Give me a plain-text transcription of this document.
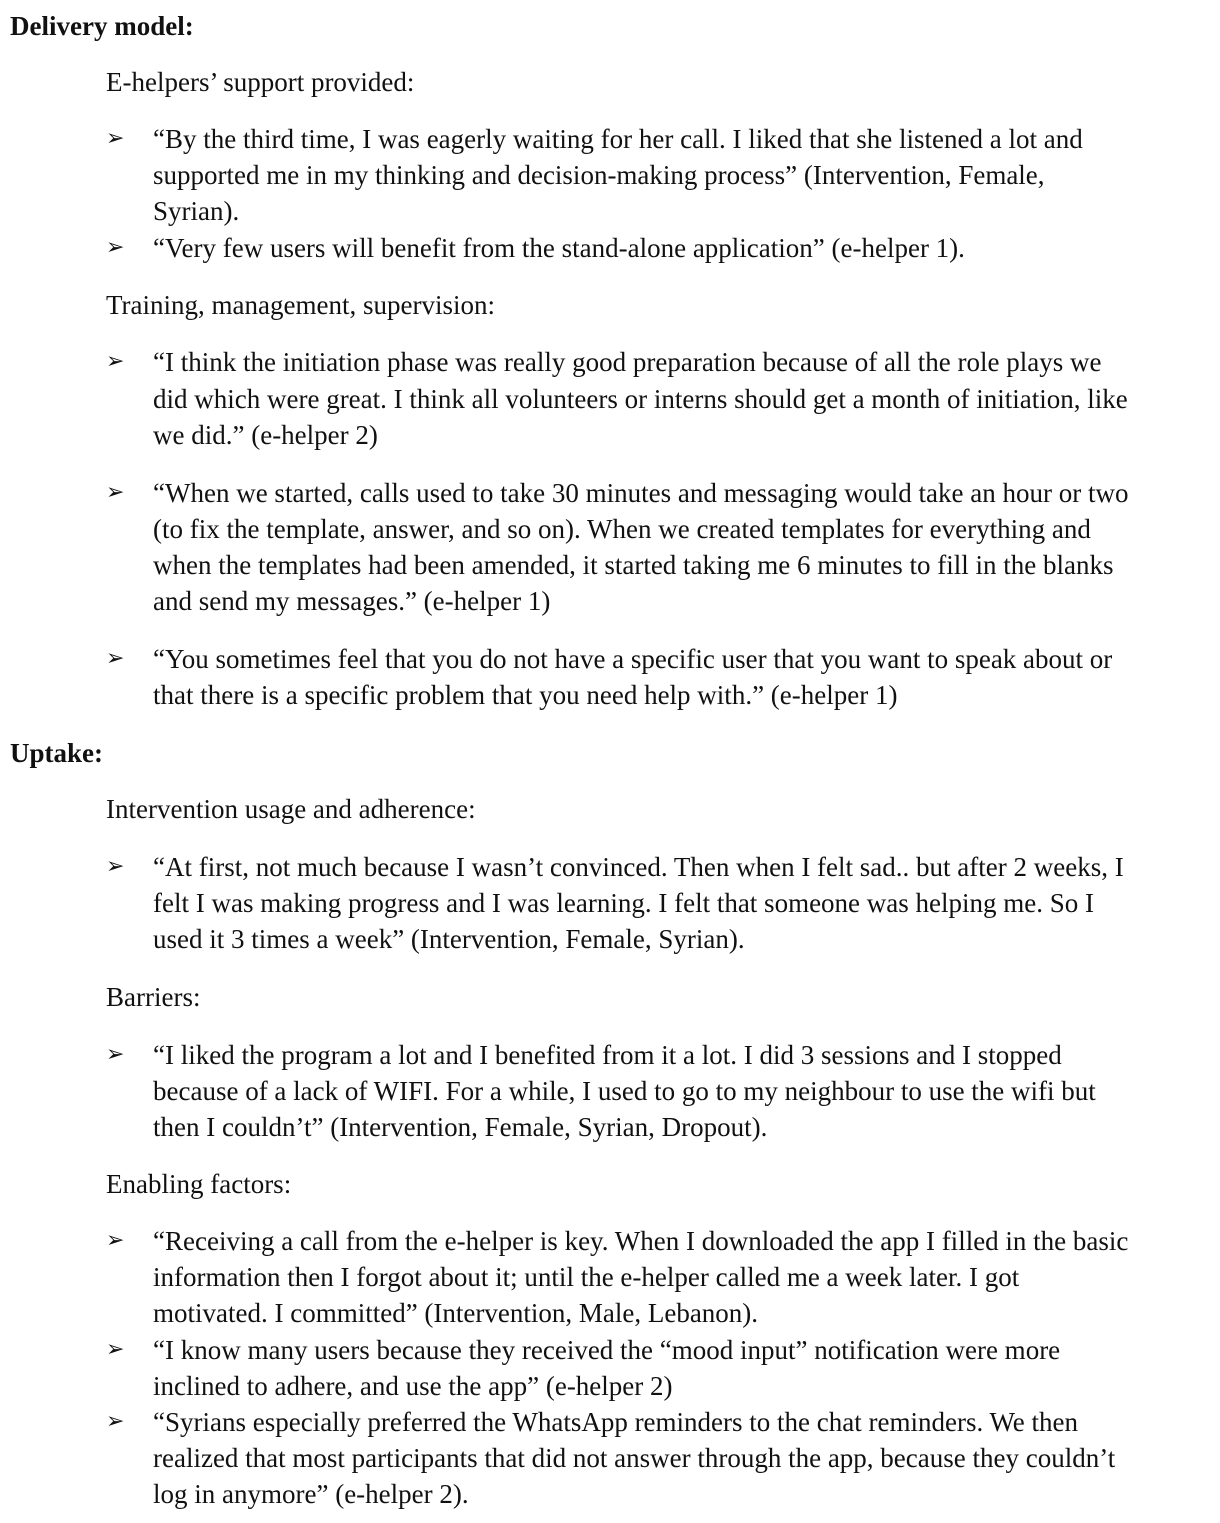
Delivery model:
E-helpers’ support provided:
➢ “By the third time, I was eagerly waiting for her call. I liked that she listened a lot and
supported me in my thinking and decision-making process” (Intervention, Female,
Syrian).
➢ “Very few users will benefit from the stand-alone application” (e-helper 1).
Training, management, supervision:
➢ “I think the initiation phase was really good preparation because of all the role plays we
did which were great. I think all volunteers or interns should get a month of initiation, like
we did.” (e-helper 2)
➢ “When we started, calls used to take 30 minutes and messaging would take an hour or two
(to fix the template, answer, and so on). When we created templates for everything and
when the templates had been amended, it started taking me 6 minutes to fill in the blanks
and send my messages.” (e-helper 1)
➢ “You sometimes feel that you do not have a specific user that you want to speak about or
that there is a specific problem that you need help with.” (e-helper 1)
Uptake:
Intervention usage and adherence:
➢ “At first, not much because I wasn’t convinced. Then when I felt sad.. but after 2 weeks, I
felt I was making progress and I was learning. I felt that someone was helping me. So I
used it 3 times a week” (Intervention, Female, Syrian).
Barriers:
➢ “I liked the program a lot and I benefited from it a lot. I did 3 sessions and I stopped
because of a lack of WIFI. For a while, I used to go to my neighbour to use the wifi but
then I couldn’t” (Intervention, Female, Syrian, Dropout).
Enabling factors:
➢ “Receiving a call from the e-helper is key. When I downloaded the app I filled in the basic
information then I forgot about it; until the e-helper called me a week later. I got
motivated. I committed” (Intervention, Male, Lebanon).
➢ “I know many users because they received the “mood input” notification were more
inclined to adhere, and use the app” (e-helper 2)
➢ “Syrians especially preferred the WhatsApp reminders to the chat reminders. We then
realized that most participants that did not answer through the app, because they couldn’t
log in anymore” (e-helper 2).
